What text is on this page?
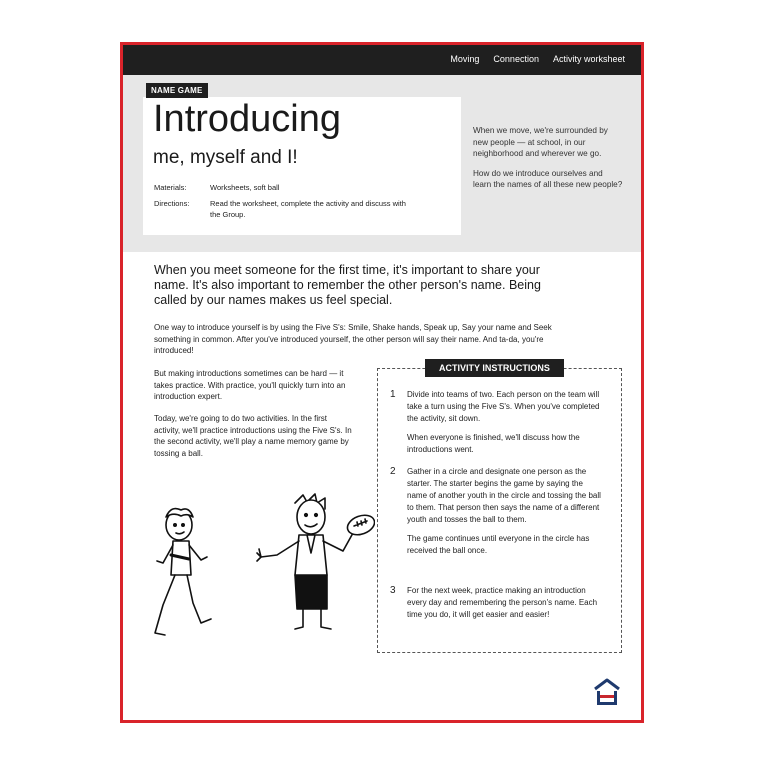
Moving Connection Activity worksheet
NAME GAME
Introducing
me, myself and I!
Materials:	Worksheets, soft ball
Directions:	Read the worksheet, complete the activity and discuss with the Group.

When we move, we're surrounded by new people — at school, in our neighborhood and wherever we go.

How do we introduce ourselves and learn the names of all these new people?

When you meet someone for the first time, it's important to share your name. It's also important to remember the other person's name. Being called by our names makes us feel special.
One way to introduce yourself is by using the Five S's: Smile, Shake hands, Speak up, Say your name and Seek something in common. After you've introduced yourself, the other person will say their name. And ta-da, you're introduced!
But making introductions sometimes can be hard — it takes practice. With practice, you'll quickly turn into an introduction expert.
Today, we're going to do two activities. In the first activity, we'll practice introductions using the Five S's. In the second activity, we'll play a name memory game by tossing a ball.
ACTIVITY INSTRUCTIONS
1 Divide into teams of two. Each person on the team will take a turn using the Five S's. When you've completed the activity, sit down.

When everyone is finished, we'll discuss how the introductions went.

2 Gather in a circle and designate one person as the starter. The starter begins the game by saying the name of another youth in the circle and tossing the ball to them. That person then says the name of a different youth and tosses the ball to them.

The game continues until everyone in the circle has received the ball once.

3 For the next week, practice making an introduction every day and remembering the person's name. Each time you do, it will get easier and easier!
